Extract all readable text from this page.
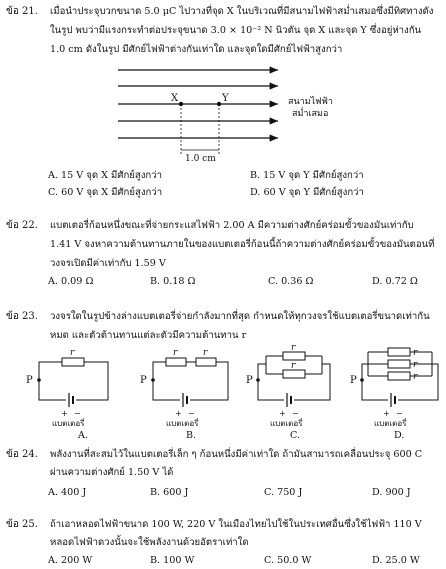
ข้อ 21. เมื่อนำประจุบวกขนาด 5.0 μC ไปวางที่จุด X ในบริเวณที่มีสนามไฟฟ้าสม่ำเสมอซึ่งมีทิศทางดัง
ในรูป พบว่ามีแรงกระทำต่อประจุขนาด 3.0 × 10⁻² N นิวตัน จุด X และจุด Y ซึ่งอยู่ห่างกัน
1.0 cm ดังในรูป มีศักย์ไฟฟ้าต่างกันเท่าใด และจุดใดมีศักย์ไฟฟ้าสูงกว่า
X	Y
1.0 cm
สนามไฟฟ้า
สม่ำเสมอ
A. 15 V จุด X มีศักย์สูงกว่า	B. 15 V จุด Y มีศักย์สูงกว่า
C. 60 V จุด X มีศักย์สูงกว่า	D. 60 V จุด Y มีศักย์สูงกว่า
ข้อ 22. แบตเตอรี่ก้อนหนึ่งขณะที่จ่ายกระแสไฟฟ้า 2.00 A มีความต่างศักย์คร่อมขั้วของมันเท่ากับ
1.41 V จงหาความต้านทานภายในของแบตเตอรี่ก้อนนี้ถ้าความต่างศักย์คร่อมขั้วของมันตอนที่
วงจรเปิดมีค่าเท่ากับ 1.59 V
A. 0.09 Ω	B. 0.18 Ω	C. 0.36 Ω	D. 0.72 Ω
ข้อ 23. วงจรใดในรูปข้างล่างแบตเตอรี่จ่ายกำลังมากที่สุด กำหนดให้ทุกวงจรใช้แบตเตอรี่ขนาดเท่ากัน
หมด และตัวต้านทานแต่ละตัวมีความต้านทาน r
P
r
+ −
แบตเตอรี่
P
r	r
+ −
แบตเตอรี่
P
r
r
+ −
แบตเตอรี่
P
r
r
r
+ −
แบตเตอรี่
A.	B.	C.	D.
ข้อ 24. พลังงานที่สะสมไว้ในแบตเตอรี่เล็ก ๆ ก้อนหนึ่งมีค่าเท่าใด ถ้ามันสามารถเคลื่อนประจุ 600 C
ผ่านความต่างศักย์ 1.50 V ได้
A. 400 J	B. 600 J	C. 750 J	D. 900 J
ข้อ 25. ถ้าเอาหลอดไฟฟ้าขนาด 100 W, 220 V ในเมืองไทยไปใช้ในประเทศอื่นซึ่งใช้ไฟฟ้า 110 V
หลอดไฟฟ้าดวงนั้นจะใช้พลังงานด้วยอัตราเท่าใด
A. 200 W	B. 100 W	C. 50.0 W	D. 25.0 W
